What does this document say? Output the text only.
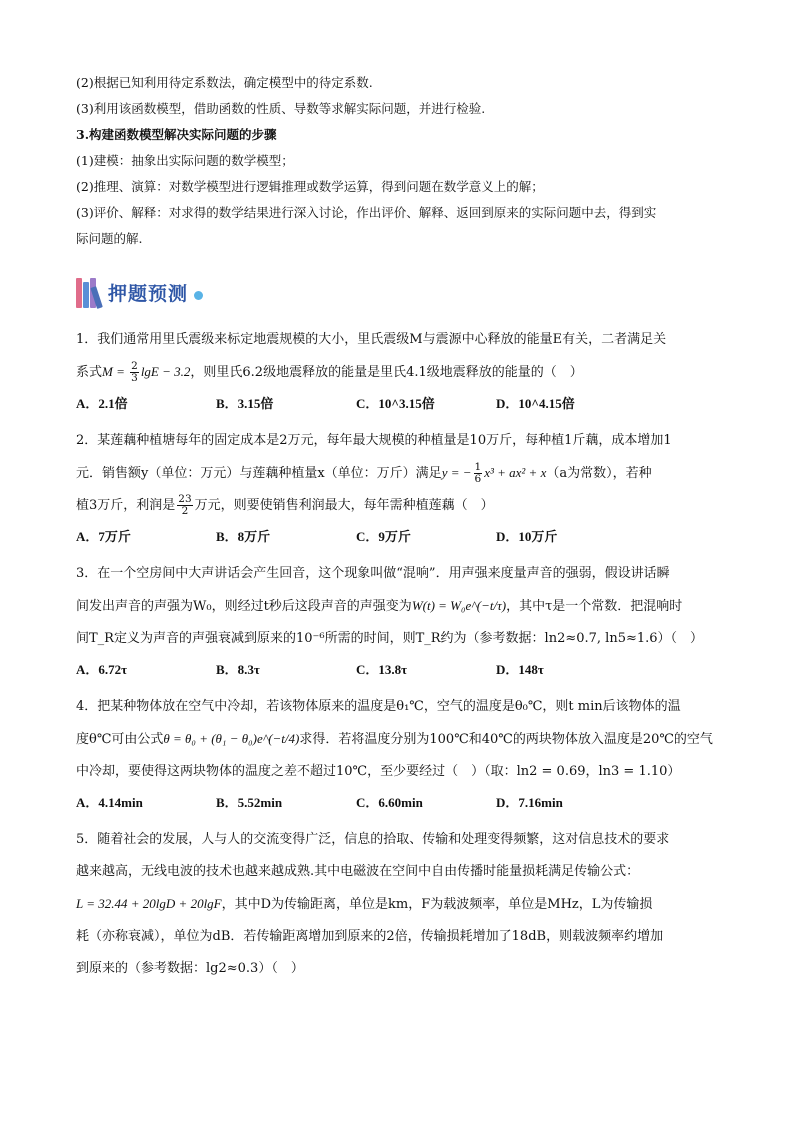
(2)根据已知利用待定系数法，确定模型中的待定系数.

(3)利用该函数模型，借助函数的性质、导数等求解实际问题，并进行检验.

3.构建函数模型解决实际问题的步骤

(1)建模：抽象出实际问题的数学模型；

(2)推理、演算：对数学模型进行逻辑推理或数学运算，得到问题在数学意义上的解；

(3)评价、解释：对求得的数学结果进行深入讨论，作出评价、解释、返回到原来的实际问题中去，得到实

际问题的解.

押题预测

1．我们通常用里氏震级来标定地震规模的大小，里氏震级M与震源中心释放的能量E有关，二者满足关

系式$M = \frac{2}{3}$ lgE − 3.2，则里氏6.2级地震释放的能量是里氏4.1级地震释放的能量的（　）

A．2.1倍	B．3.15倍	C．10^3.15倍	D．10^4.15倍

2．某莲藕种植塘每年的固定成本是2万元，每年最大规模的种植量是10万斤，每种植1斤藕，成本增加1

元．销售额y（单位：万元）与莲藕种植量x（单位：万斤）满足y = − $\frac{1}{6} x^3 + ax^2 + x(a$为常数），若种

植3万斤，利润是 $\frac{23}{2}$ 万元，则要使销售利润最大，每年需种植莲藕（　）

A．7万斤	B．8万斤	C．9万斤	D．10万斤

3．在一个空房间中大声讲话会产生回音，这个现象叫做“混响”．用声强来度量声音的强弱，假设讲话瞬

间发出声音的声强为W₀，则经过t秒后这段声音的声强变为W(t) = W₀e^(−t/τ)，其中τ是一个常数．把混响时

间T_R定义为声音的声强衰减到原来的10⁻⁶所需的时间，则T_R约为（参考数据：ln2≈0.7, ln5≈1.6）（　）

A．6.72τ	B．8.3τ	C．13.8τ	D．148τ

4．把某种物体放在空气中冷却，若该物体原来的温度是θ₁℃，空气的温度是θ₀℃，则t min后该物体的温

度θ℃可由公式θ = θ₀ + (θ₁ − θ₀)e^(−t/4)求得．若将温度分别为100℃和40℃的两块物体放入温度是20℃的空气

中冷却，要使得这两块物体的温度之差不超过10℃，至少要经过（　）（取：ln2 = 0.69，ln3 = 1.10）

A．4.14min	B．5.52min	C．6.60min	D．7.16min

5．随着社会的发展，人与人的交流变得广泛，信息的拾取、传输和处理变得频繁，这对信息技术的要求

越来越高，无线电波的技术也越来越成熟.其中电磁波在空间中自由传播时能量损耗满足传输公式：

L = 32.44 + 20lgD + 20lgF，其中D为传输距离，单位是km，F为载波频率，单位是MHz，L为传输损

耗（亦称衰减），单位为dB．若传输距离增加到原来的2倍，传输损耗增加了18dB，则载波频率约增加

到原来的（参考数据：lg2≈0.3）（　）
